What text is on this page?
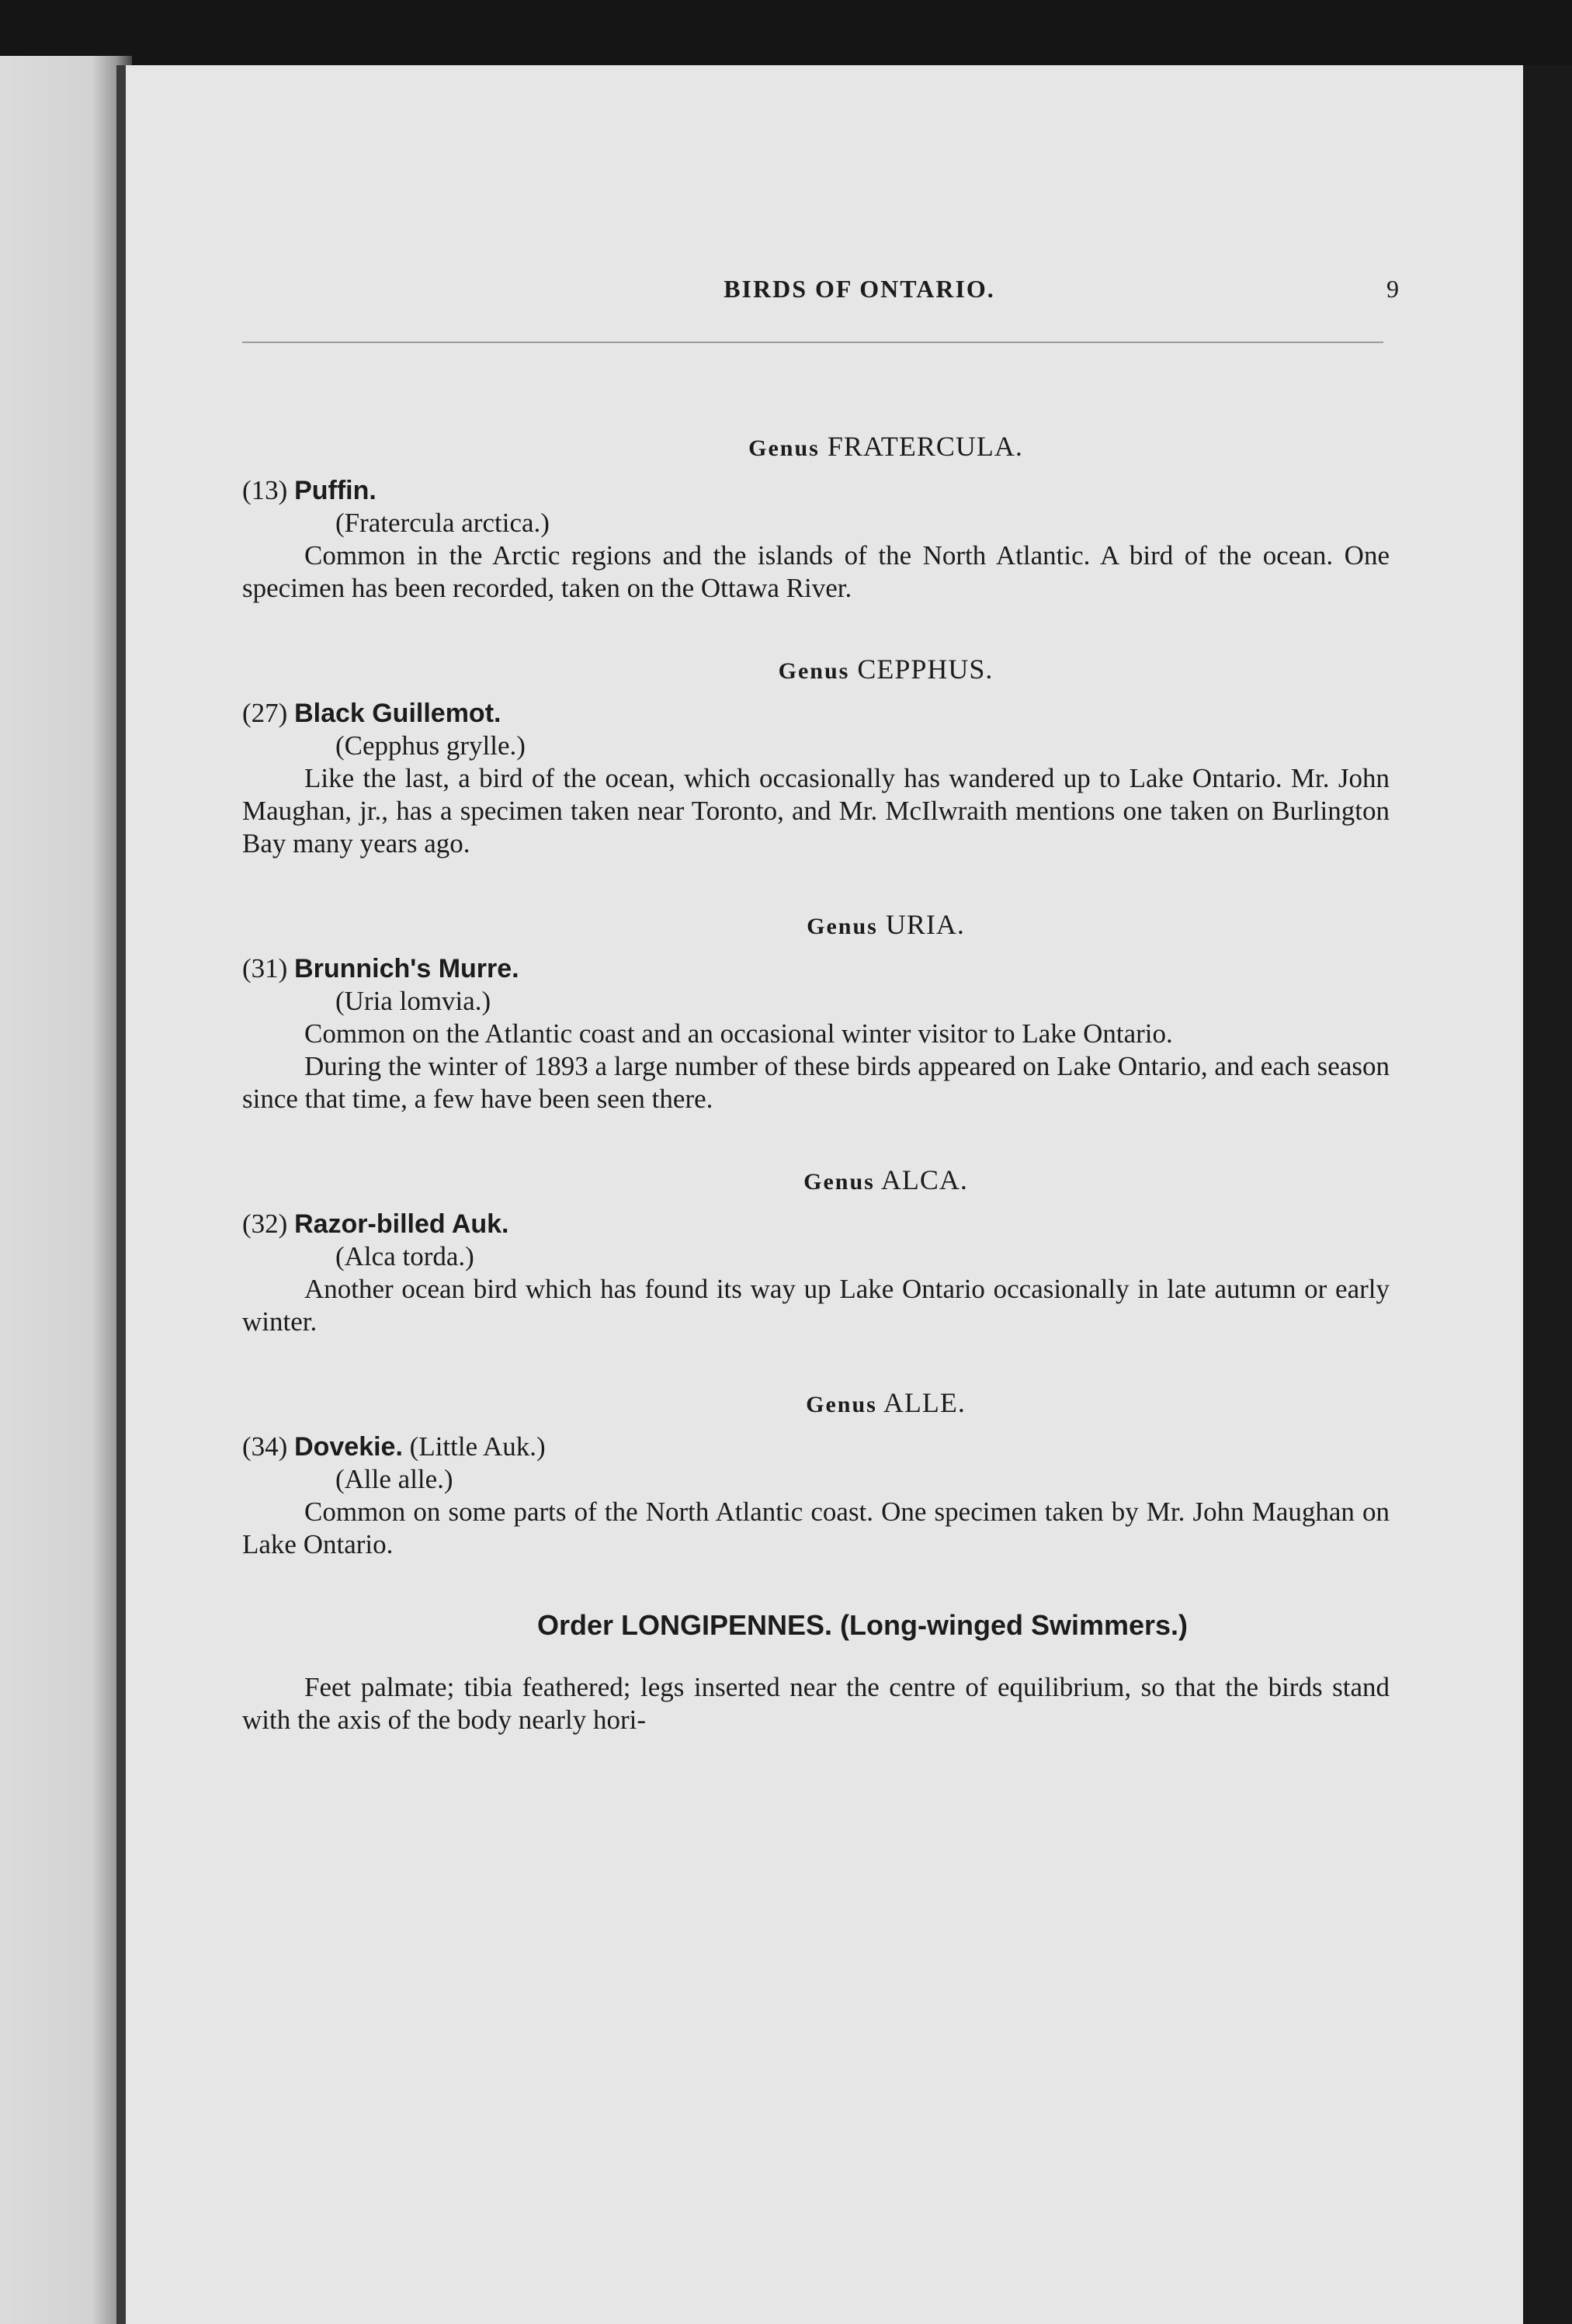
BIRDS OF ONTARIO.	9
Genus FRATERCULA.

(13) Puffin.

(Fratercula arctica.)

Common in the Arctic regions and the islands of the North Atlantic. A bird of the ocean. One specimen has been recorded, taken on the Ottawa River.

Genus CEPPHUS.

(27) Black Guillemot.

(Cepphus grylle.)

Like the last, a bird of the ocean, which occasionally has wandered up to Lake Ontario. Mr. John Maughan, jr., has a specimen taken near Toronto, and Mr. McIlwraith mentions one taken on Burlington Bay many years ago.

Genus URIA.

(31) Brunnich's Murre.

(Uria lomvia.)

Common on the Atlantic coast and an occasional winter visitor to Lake Ontario.

During the winter of 1893 a large number of these birds appeared on Lake Ontario, and each season since that time, a few have been seen there.

Genus ALCA.

(32) Razor-billed Auk.

(Alca torda.)

Another ocean bird which has found its way up Lake Ontario occasionally in late autumn or early winter.

Genus ALLE.

(34) Dovekie. (Little Auk.)

(Alle alle.)

Common on some parts of the North Atlantic coast. One specimen taken by Mr. John Maughan on Lake Ontario.

Order LONGIPENNES. (Long-winged Swimmers.)

Feet palmate; tibia feathered; legs inserted near the centre of equilibrium, so that the birds stand with the axis of the body nearly hori-
